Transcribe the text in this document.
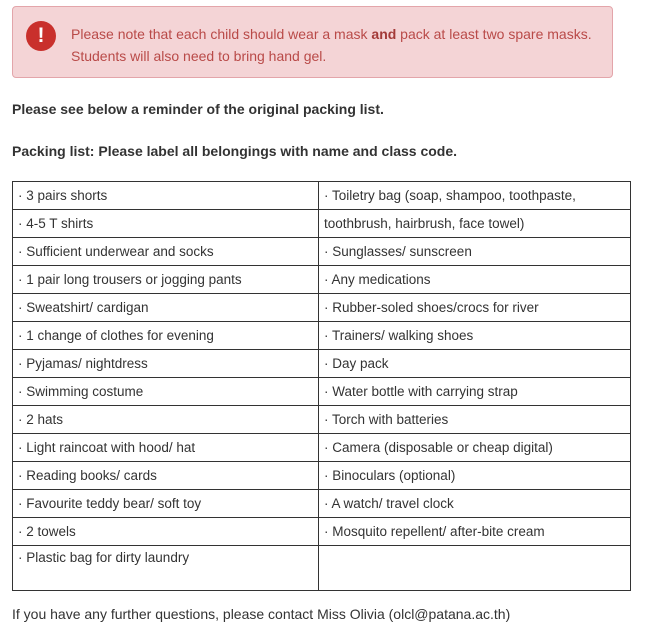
!	Please note that each child should wear a mask and pack at least two spare masks.
Students will also need to bring hand gel.

Please see below a reminder of the original packing list.

Packing list: Please label all belongings with name and class code.

· 3 pairs shorts	· Toiletry bag (soap, shampoo, toothpaste,
· 4-5 T shirts	toothbrush, hairbrush, face towel)
· Sufficient underwear and socks	· Sunglasses/ sunscreen
· 1 pair long trousers or jogging pants	· Any medications
· Sweatshirt/ cardigan	· Rubber-soled shoes/crocs for river
· 1 change of clothes for evening	· Trainers/ walking shoes
· Pyjamas/ nightdress	· Day pack
· Swimming costume	· Water bottle with carrying strap
· 2 hats	· Torch with batteries
· Light raincoat with hood/ hat	· Camera (disposable or cheap digital)
· Reading books/ cards	· Binoculars (optional)
· Favourite teddy bear/ soft toy	· A watch/ travel clock
· 2 towels	· Mosquito repellent/ after-bite cream
· Plastic bag for dirty laundry	
If you have any further questions, please contact Miss Olivia (olcl@patana.ac.th)
